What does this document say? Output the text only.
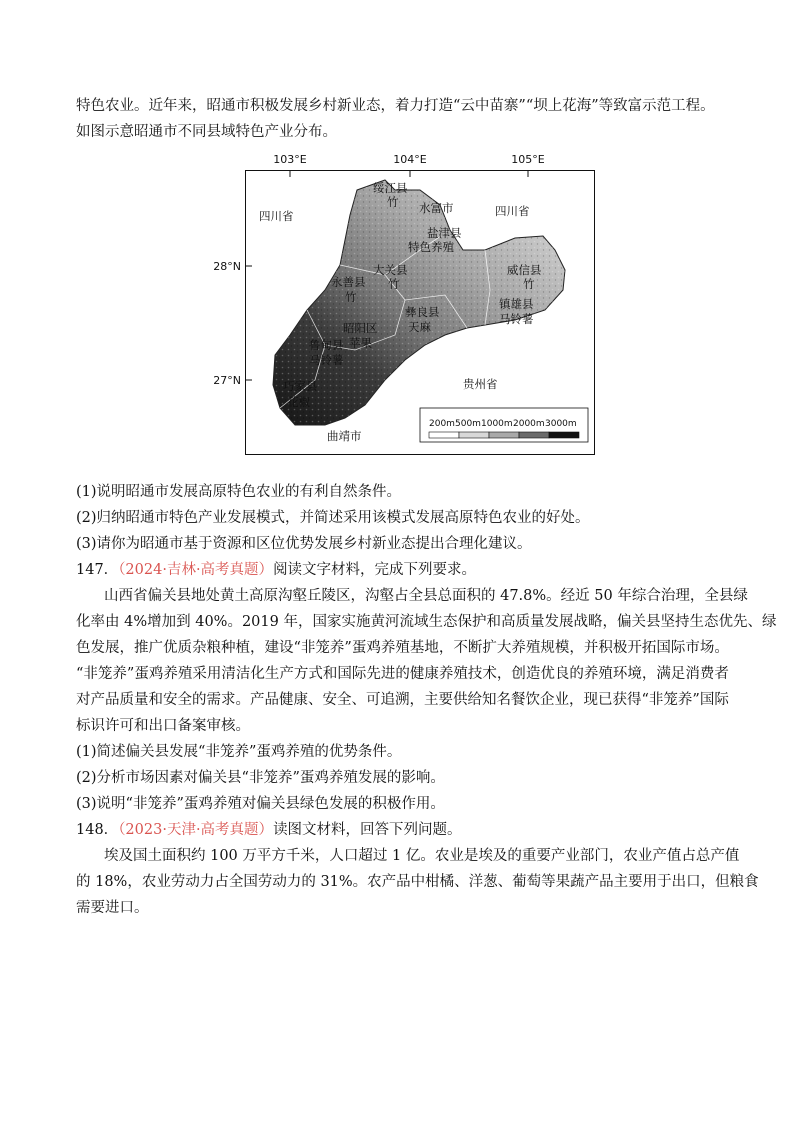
特色农业。近年来，昭通市积极发展乡村新业态，着力打造“云中苗寨”“坝上花海”等致富示范工程。
如图示意昭通市不同县域特色产业分布。
103°E	104°E	105°E
28°N
27°N
四川省	四川省
贵州省
曲靖市
绥江县
竹 水富市
盐津县
特色养殖
大关县
竹
永善县
竹
威信县
竹
镇雄县
马铃薯
彝良县
天麻
昭阳区
苹果
鲁甸县
马铃薯
巧家县
花椒
200m 500m 1000m 2000m 3000m
(1)说明昭通市发展高原特色农业的有利自然条件。
(2)归纳昭通市特色产业发展模式，并简述采用该模式发展高原特色农业的好处。
(3)请你为昭通市基于资源和区位优势发展乡村新业态提出合理化建议。
147．（2024·吉林·高考真题）阅读文字材料，完成下列要求。
山西省偏关县地处黄土高原沟壑丘陵区，沟壑占全县总面积的 47.8%。经近 50 年综合治理，全县绿
化率由 4%增加到 40%。2019 年，国家实施黄河流域生态保护和高质量发展战略，偏关县坚持生态优先、绿
色发展，推广优质杂粮种植，建设“非笼养”蛋鸡养殖基地，不断扩大养殖规模，并积极开拓国际市场。
“非笼养”蛋鸡养殖采用清洁化生产方式和国际先进的健康养殖技术，创造优良的养殖环境，满足消费者
对产品质量和安全的需求。产品健康、安全、可追溯，主要供给知名餐饮企业，现已获得“非笼养”国际
标识许可和出口备案审核。
(1)简述偏关县发展“非笼养”蛋鸡养殖的优势条件。
(2)分析市场因素对偏关县“非笼养”蛋鸡养殖发展的影响。
(3)说明“非笼养”蛋鸡养殖对偏关县绿色发展的积极作用。
148．（2023·天津·高考真题）读图文材料，回答下列问题。
埃及国土面积约 100 万平方千米，人口超过 1 亿。农业是埃及的重要产业部门，农业产值占总产值
的 18%，农业劳动力占全国劳动力的 31%。农产品中柑橘、洋葱、葡萄等果蔬产品主要用于出口，但粮食
需要进口。
